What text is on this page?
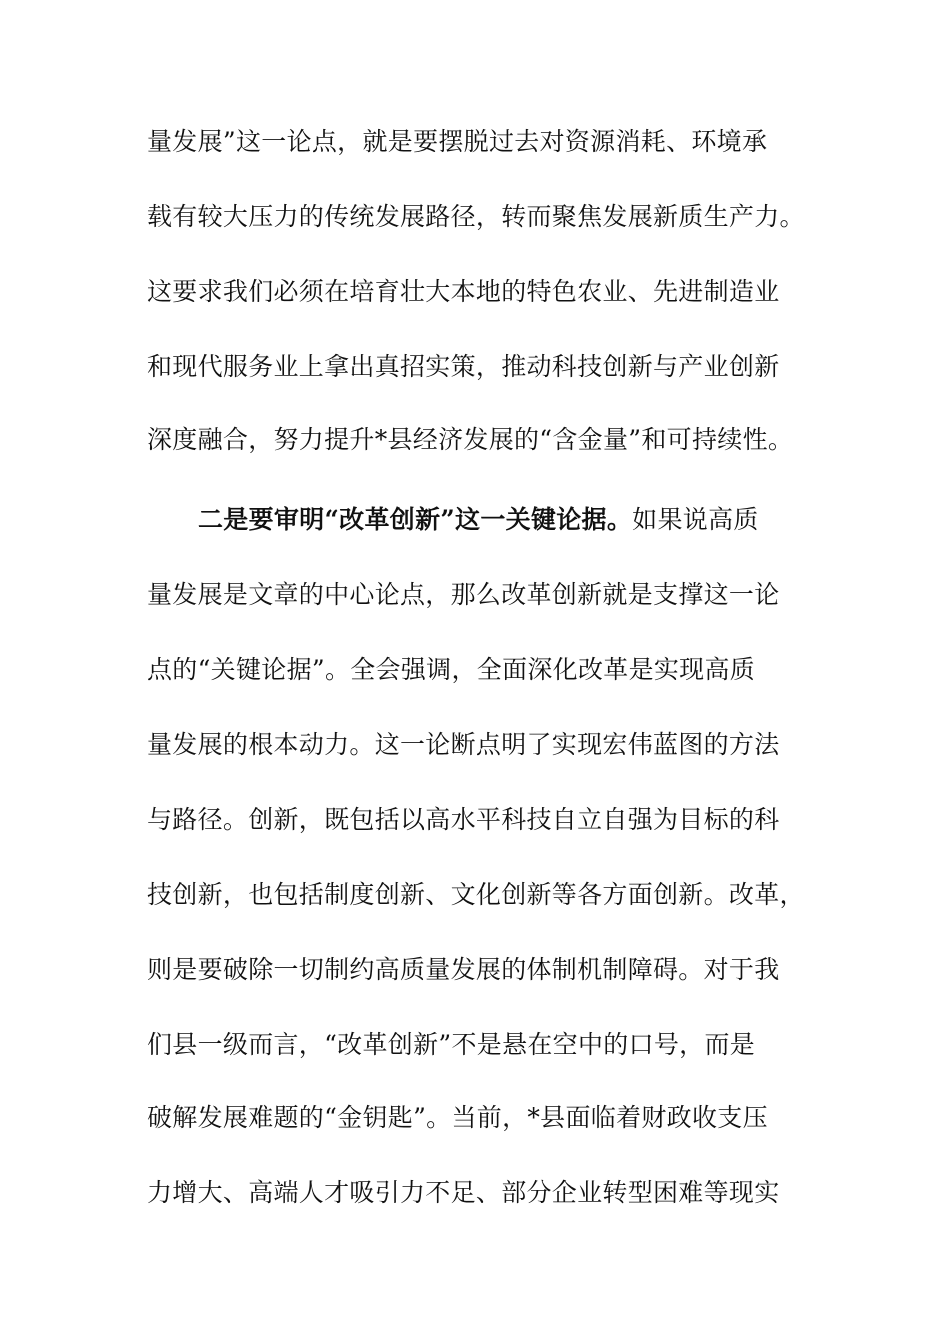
量发展”这一论点，就是要摆脱过去对资源消耗、环境承
载有较大压力的传统发展路径，转而聚焦发展新质生产力。
这要求我们必须在培育壮大本地的特色农业、先进制造业
和现代服务业上拿出真招实策，推动科技创新与产业创新
深度融合，努力提升*县经济发展的“含金量”和可持续性。
二是要审明“改革创新”这一关键论据。如果说高质
量发展是文章的中心论点，那么改革创新就是支撑这一论
点的“关键论据”。全会强调，全面深化改革是实现高质
量发展的根本动力。这一论断点明了实现宏伟蓝图的方法
与路径。创新，既包括以高水平科技自立自强为目标的科
技创新，也包括制度创新、文化创新等各方面创新。改革，
则是要破除一切制约高质量发展的体制机制障碍。对于我
们县一级而言，“改革创新”不是悬在空中的口号，而是
破解发展难题的“金钥匙”。当前，*县面临着财政收支压
力增大、高端人才吸引力不足、部分企业转型困难等现实
